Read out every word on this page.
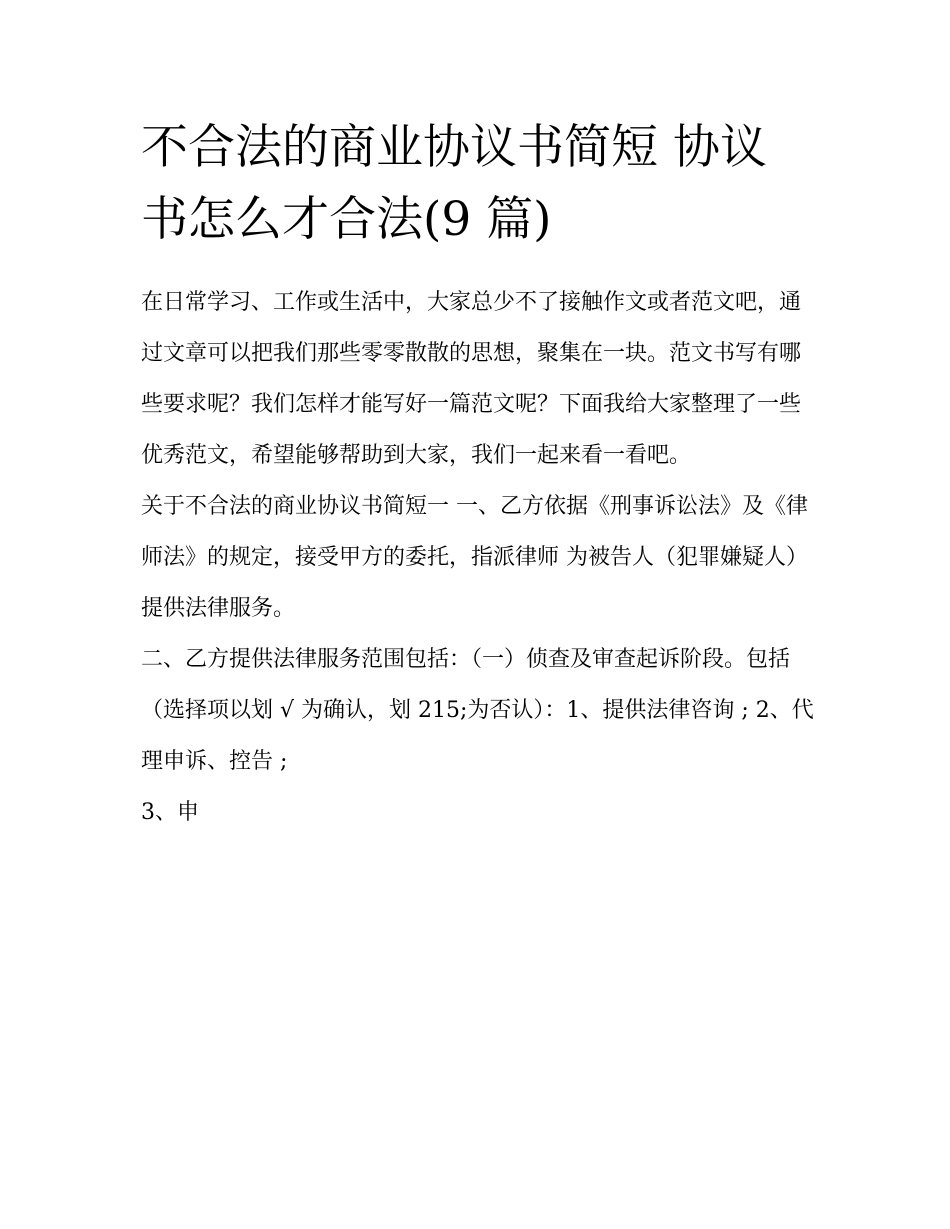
不合法的商业协议书简短 协议
书怎么才合法(9 篇)

在日常学习、工作或生活中，大家总少不了接触作文或者范文吧，通过文章可以把我们那些零零散散的思想，聚集在一块。范文书写有哪些要求呢？我们怎样才能写好一篇范文呢？下面我给大家整理了一些优秀范文，希望能够帮助到大家，我们一起来看一看吧。

关于不合法的商业协议书简短一 一、乙方依据《刑事诉讼法》及《律师法》的规定，接受甲方的委托，指派律师 为被告人（犯罪嫌疑人）提供法律服务。

二、乙方提供法律服务范围包括：（一）侦查及审查起诉阶段。包括（选择项以划 √ 为确认，划 215;为否认）：1、提供法律咨询 ; 2、代理申诉、控告 ;

3、申
